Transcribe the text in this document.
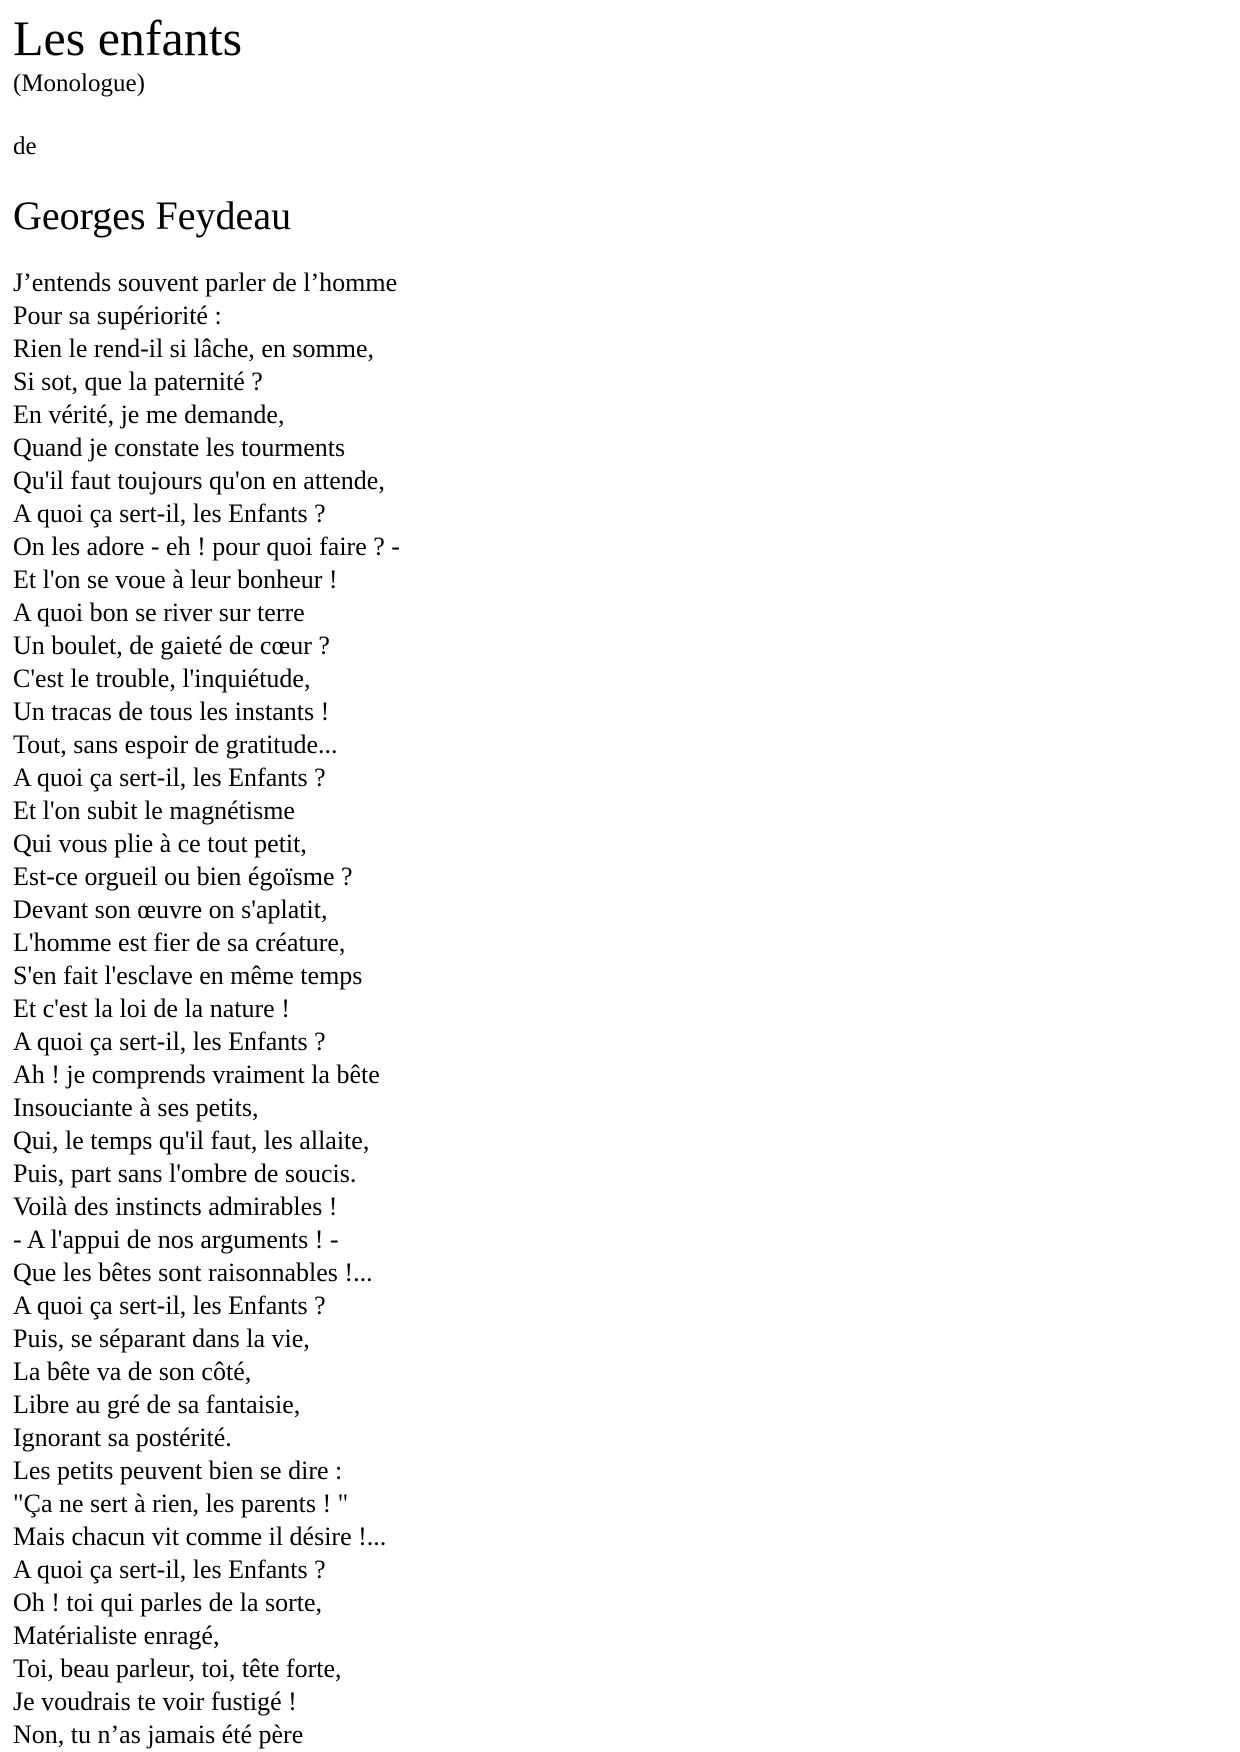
Les enfants
(Monologue)
de
Georges Feydeau
J’entends souvent parler de l’homme
Pour sa supériorité :
Rien le rend-il si lâche, en somme,
Si sot, que la paternité ?
En vérité, je me demande,
Quand je constate les tourments
Qu'il faut toujours qu'on en attende,
A quoi ça sert-il, les Enfants ?
On les adore - eh ! pour quoi faire ? -
Et l'on se voue à leur bonheur !
A quoi bon se river sur terre
Un boulet, de gaieté de cœur ?
C'est le trouble, l'inquiétude,
Un tracas de tous les instants !
Tout, sans espoir de gratitude...
A quoi ça sert-il, les Enfants ?
Et l'on subit le magnétisme
Qui vous plie à ce tout petit,
Est-ce orgueil ou bien égoïsme ?
Devant son œuvre on s'aplatit,
L'homme est fier de sa créature,
S'en fait l'esclave en même temps
Et c'est la loi de la nature !
A quoi ça sert-il, les Enfants ?
Ah ! je comprends vraiment la bête
Insouciante à ses petits,
Qui, le temps qu'il faut, les allaite,
Puis, part sans l'ombre de soucis.
Voilà des instincts admirables !
- A l'appui de nos arguments ! -
Que les bêtes sont raisonnables !...
A quoi ça sert-il, les Enfants ?
Puis, se séparant dans la vie,
La bête va de son côté,
Libre au gré de sa fantaisie,
Ignorant sa postérité.
Les petits peuvent bien se dire :
"Ça ne sert à rien, les parents ! "
Mais chacun vit comme il désire !...
A quoi ça sert-il, les Enfants ?
Oh ! toi qui parles de la sorte,
Matérialiste enragé,
Toi, beau parleur, toi, tête forte,
Je voudrais te voir fustigé !
Non, tu n’as jamais été père
